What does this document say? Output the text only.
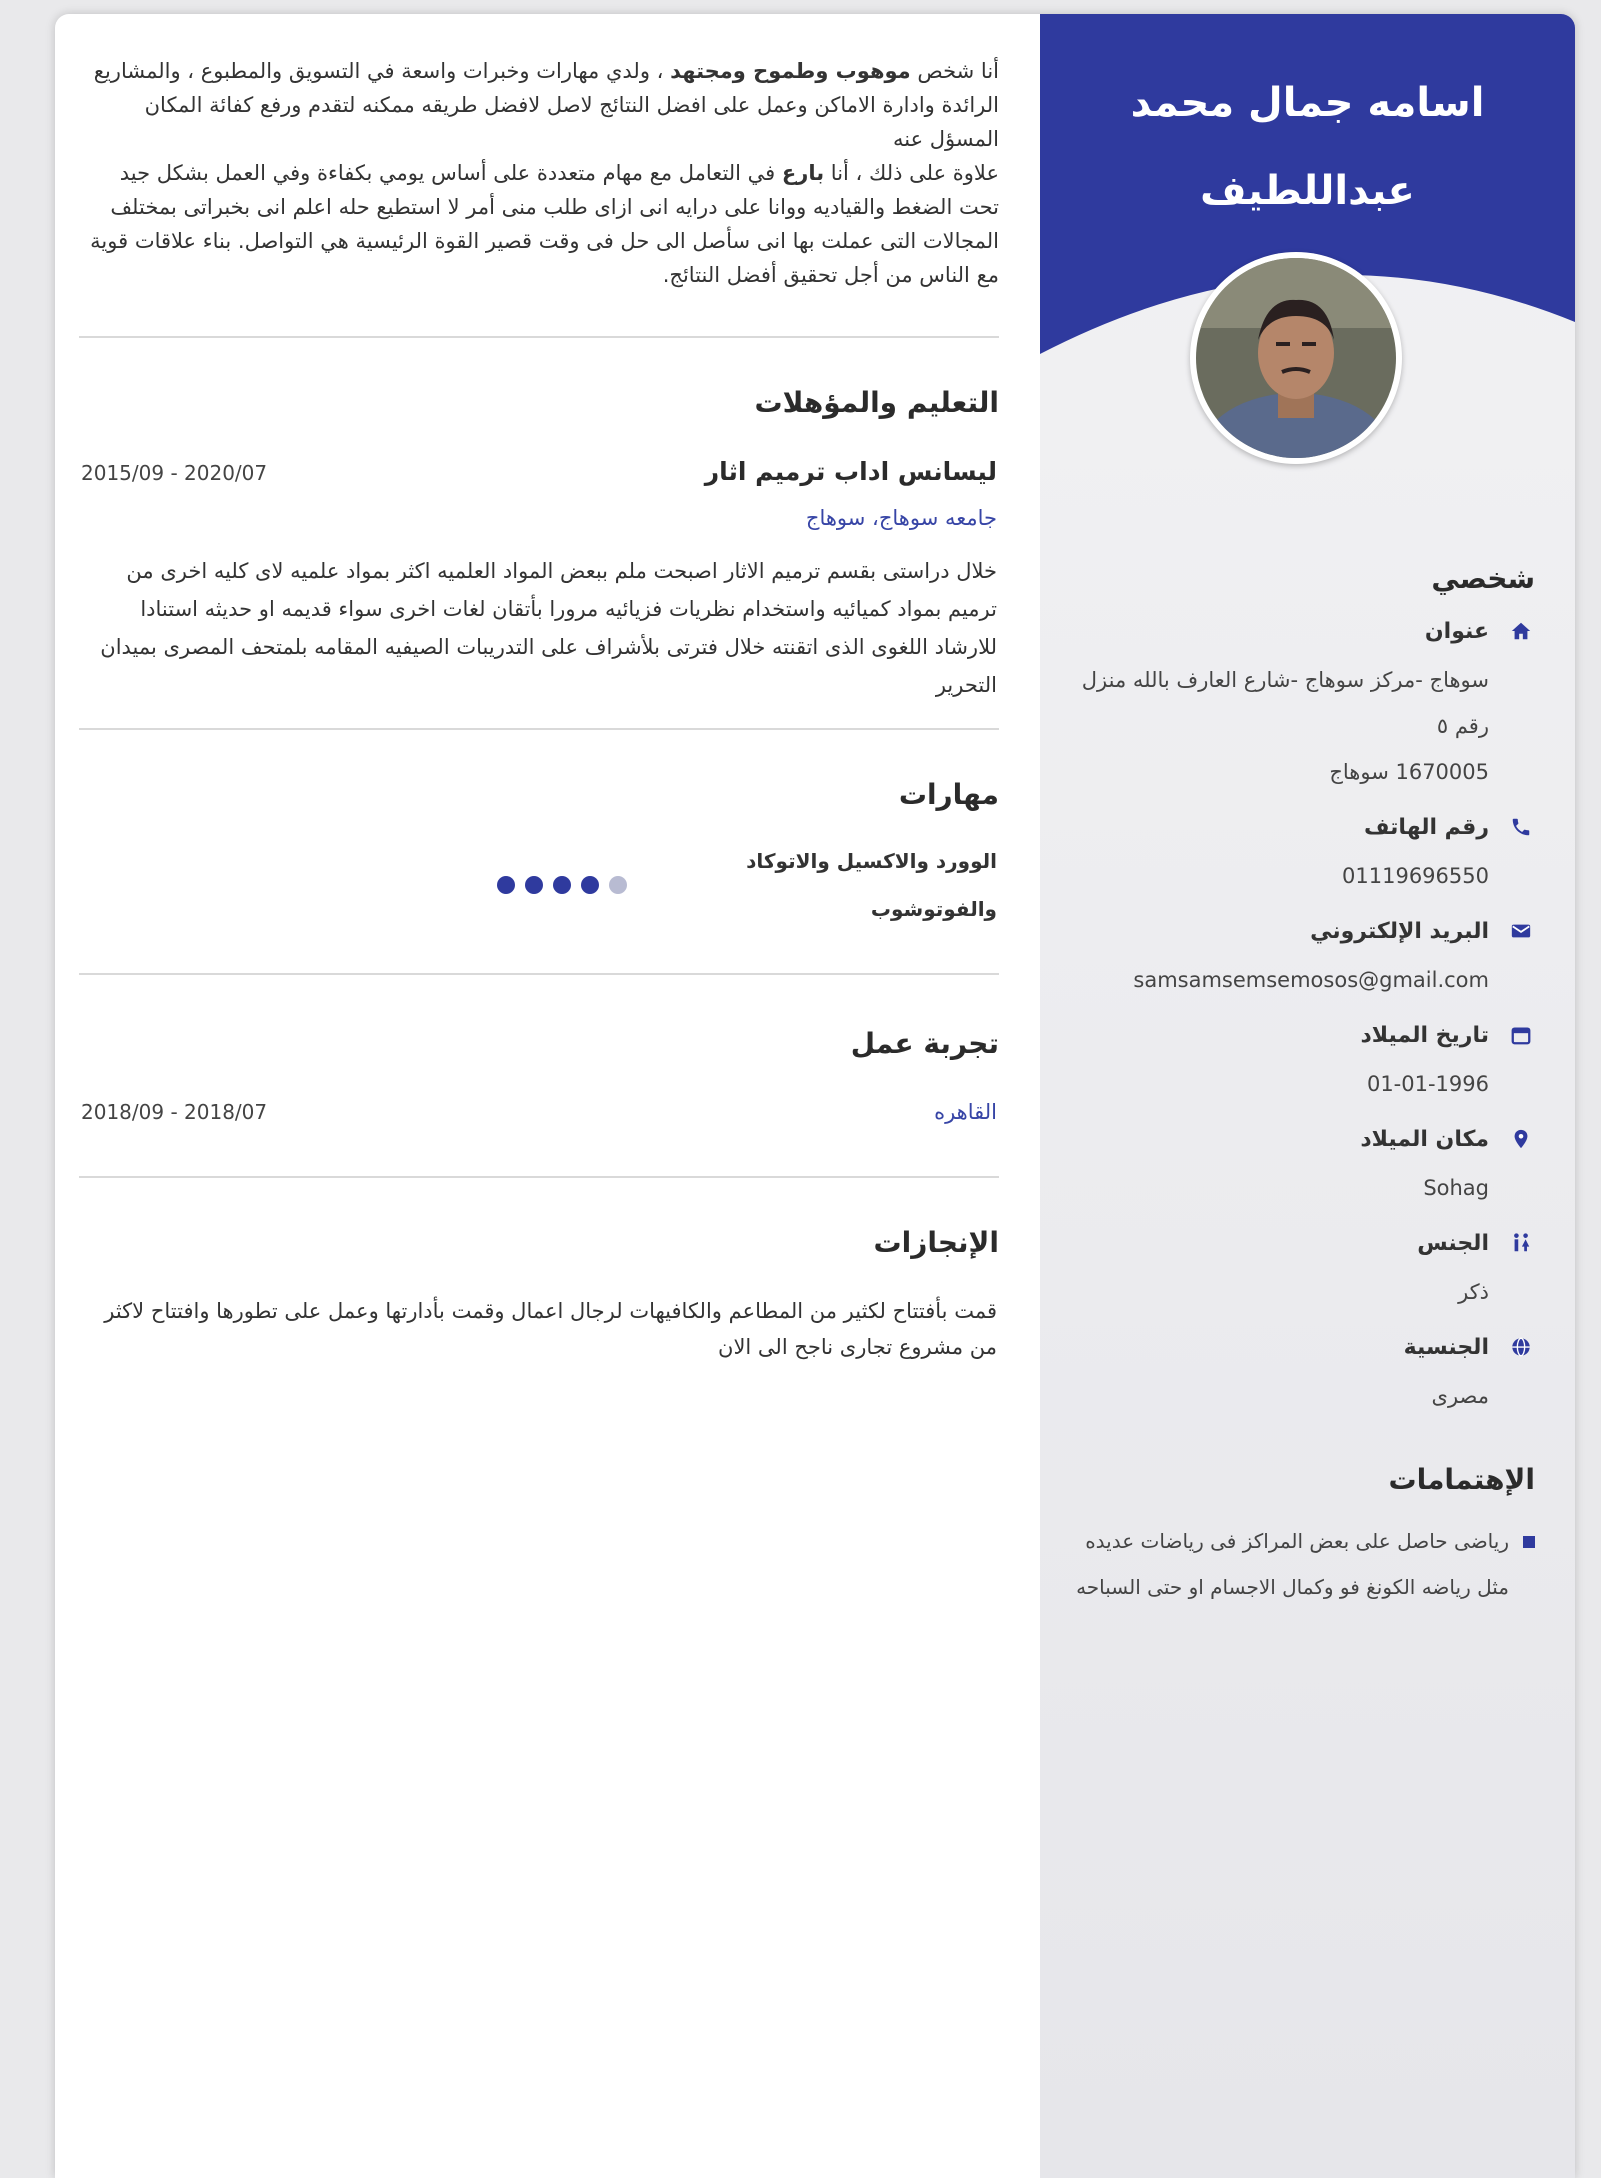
اسامه جمال محمد عبداللطيف
شخصي
عنوان
سوهاج -مركز سوهاج -شارع العارف بالله منزل رقم ٥
1670005 سوهاج
رقم الهاتف
01119696550
البريد الإلكتروني
samsamsemsemosos@gmail.com
تاريخ الميلاد
01-01-1996
مكان الميلاد
Sohag
الجنس
ذكر
الجنسية
مصرى
الإهتمامات
رياضى حاصل على بعض المراكز فى رياضات عديده مثل رياضه الكونغ فو وكمال الاجسام او حتى السباحه
أنا شخص موهوب وطموح ومجتهد ، ولدي مهارات وخبرات واسعة في التسويق والمطبوع ، والمشاريع الرائدة وادارة الاماكن وعمل على افضل النتائج لاصل لافضل طريقه ممكنه لتقدم ورفع كفائة المكان المسؤل عنه
علاوة على ذلك ، أنا بارع في التعامل مع مهام متعددة على أساس يومي بكفاءة وفي العمل بشكل جيد تحت الضغط والقياديه ووانا على درايه انى ازاى طلب منى أمر لا استطيع حله اعلم انى بخبراتى بمختلف المجالات التى عملت بها انى سأصل الى حل فى وقت قصير القوة الرئيسية هي التواصل. بناء علاقات قوية مع الناس من أجل تحقيق أفضل النتائج.
التعليم والمؤهلات
ليسانس اداب ترميم اثار
2015/09 - 2020/07
جامعه سوهاج، سوهاج
خلال دراستى بقسم ترميم الاثار اصبحت ملم ببعض المواد العلميه اكثر بمواد علميه لاى كليه اخرى من ترميم بمواد كميائيه واستخدام نظريات فزيائيه مرورا بأتقان لغات اخرى سواء قديمه او حديثه استنادا للارشاد اللغوى الذى اتقنته خلال فترتى بلأشراف على التدريبات الصيفيه المقامه بلمتحف المصرى بميدان التحرير
مهارات
الوورد والاكسيل والاتوكاد والفوتوشوب
تجربة عمل
القاهره
2018/09 - 2018/07
الإنجازات
قمت بأفتتاح لكثير من المطاعم والكافيهات لرجال اعمال وقمت بأدارتها وعمل على تطورها وافتتاح لاكثر من مشروع تجارى ناجح الى الان
